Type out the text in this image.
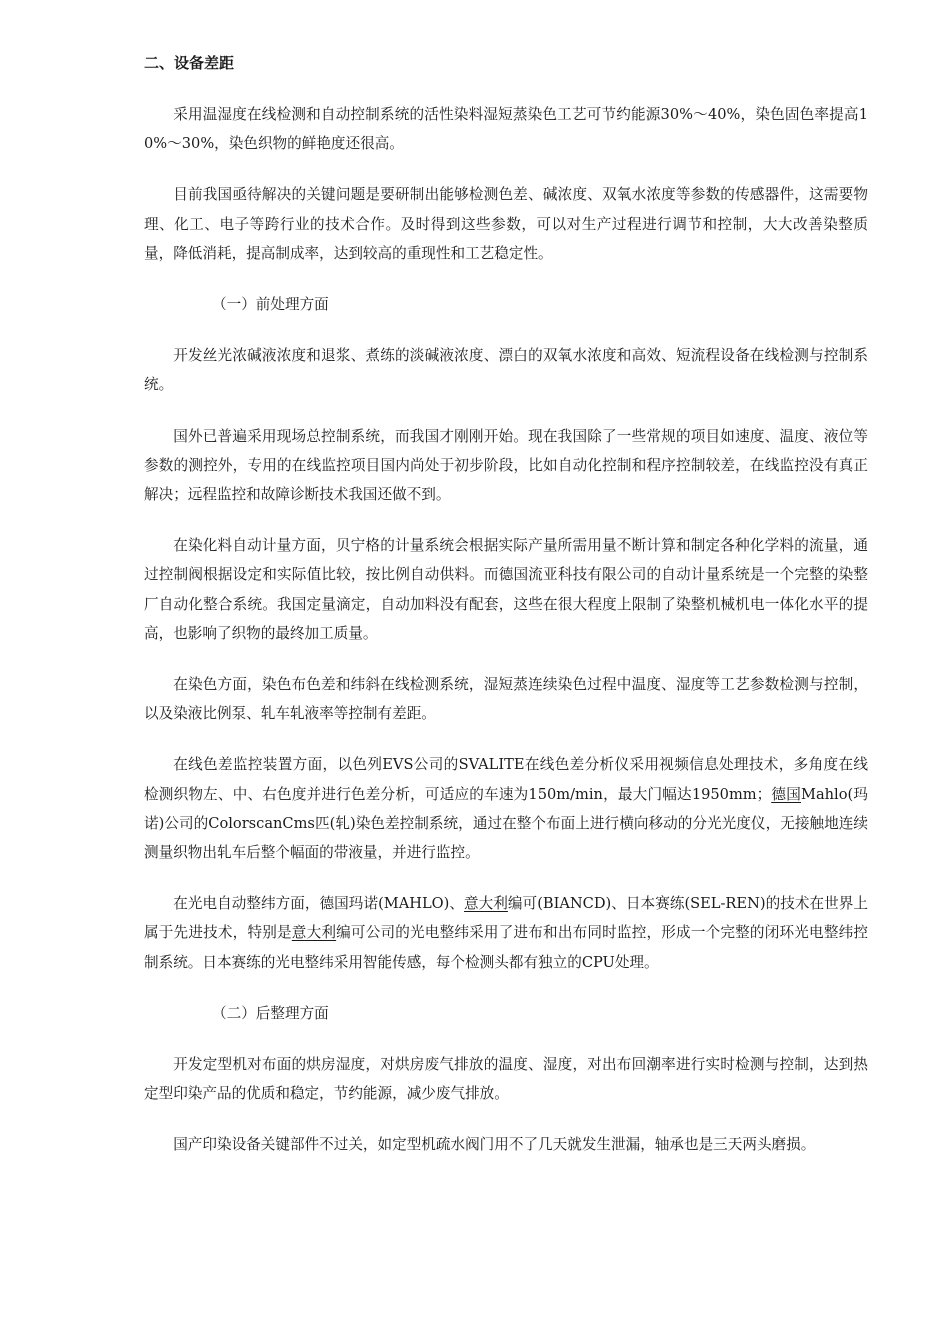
二、设备差距

采用温湿度在线检测和自动控制系统的活性染料湿短蒸染色工艺可节约能源30%～40%，染色固色率提高10%～30%，染色织物的鲜艳度还很高。

目前我国亟待解决的关键问题是要研制出能够检测色差、碱浓度、双氧水浓度等参数的传感器件，这需要物理、化工、电子等跨行业的技术合作。及时得到这些参数，可以对生产过程进行调节和控制，大大改善染整质量，降低消耗，提高制成率，达到较高的重现性和工艺稳定性。

（一）前处理方面

开发丝光浓碱液浓度和退浆、煮练的淡碱液浓度、漂白的双氧水浓度和高效、短流程设备在线检测与控制系统。

国外已普遍采用现场总控制系统，而我国才刚刚开始。现在我国除了一些常规的项目如速度、温度、液位等参数的测控外，专用的在线监控项目国内尚处于初步阶段，比如自动化控制和程序控制较差，在线监控没有真正解决；远程监控和故障诊断技术我国还做不到。

在染化料自动计量方面，贝宁格的计量系统会根据实际产量所需用量不断计算和制定各种化学料的流量，通过控制阀根据设定和实际值比较，按比例自动供料。而德国流亚科技有限公司的自动计量系统是一个完整的染整厂自动化整合系统。我国定量滴定，自动加料没有配套，这些在很大程度上限制了染整机械机电一体化水平的提高，也影响了织物的最终加工质量。

在染色方面，染色布色差和纬斜在线检测系统，湿短蒸连续染色过程中温度、湿度等工艺参数检测与控制，以及染液比例泵、轧车轧液率等控制有差距。

在线色差监控装置方面，以色列EVS公司的SVALITE在线色差分析仪采用视频信息处理技术，多角度在线检测织物左、中、右色度并进行色差分析，可适应的车速为150m/min，最大门幅达1950mm；德国Mahlo(玛诺)公司的ColorscanCms匹(轧)染色差控制系统，通过在整个布面上进行横向移动的分光光度仪，无接触地连续测量织物出轧车后整个幅面的带液量，并进行监控。

在光电自动整纬方面，德国玛诺(MAHLO)、意大利编可(BIANCD)、日本赛练(SEL-REN)的技术在世界上属于先进技术，特别是意大利编可公司的光电整纬采用了进布和出布同时监控，形成一个完整的闭环光电整纬控制系统。日本赛练的光电整纬采用智能传感，每个检测头都有独立的CPU处理。

（二）后整理方面

开发定型机对布面的烘房湿度，对烘房废气排放的温度、湿度，对出布回潮率进行实时检测与控制，达到热定型印染产品的优质和稳定，节约能源，减少废气排放。

国产印染设备关键部件不过关，如定型机疏水阀门用不了几天就发生泄漏，轴承也是三天两头磨损。
